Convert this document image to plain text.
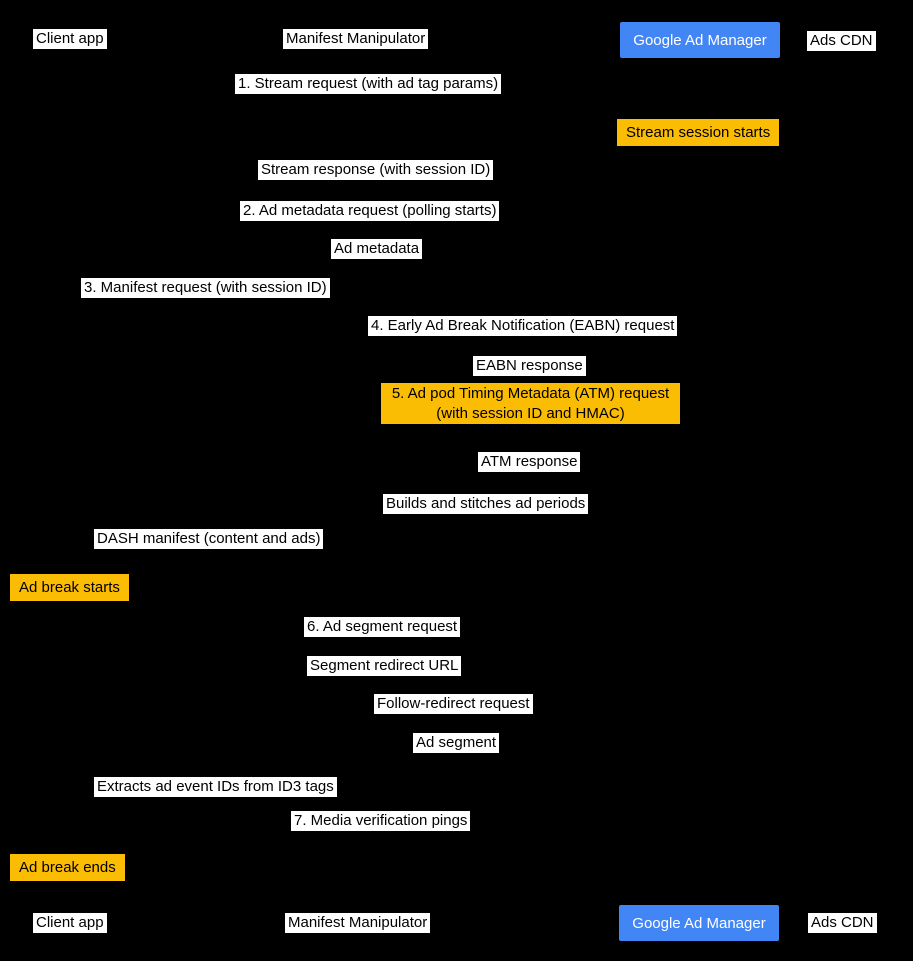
Client app	Manifest Manipulator	Google Ad Manager	Ads CDN
1. Stream request (with ad tag params)
Stream session starts
Stream response (with session ID)
2. Ad metadata request (polling starts)
Ad metadata
3. Manifest request (with session ID)
4. Early Ad Break Notification (EABN) request
EABN response
5. Ad pod Timing Metadata (ATM) request
(with session ID and HMAC)
ATM response
Builds and stitches ad periods
DASH manifest (content and ads)
Ad break starts
6. Ad segment request
Segment redirect URL
Follow-redirect request
Ad segment
Extracts ad event IDs from ID3 tags
7. Media verification pings
Ad break ends
Client app	Manifest Manipulator	Google Ad Manager	Ads CDN
